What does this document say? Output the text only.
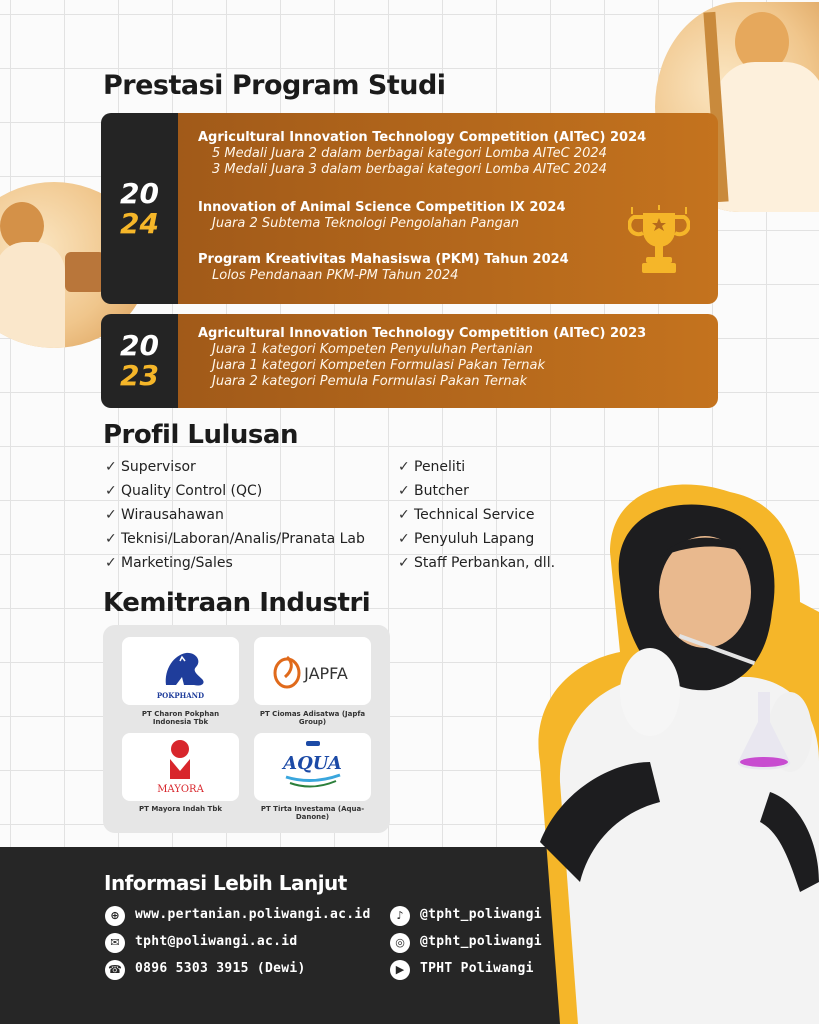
Prestasi Program Studi
20
24
Agricultural Innovation Technology Competition (AITeC) 2024
5 Medali Juara 2 dalam berbagai kategori Lomba AITeC 2024
3 Medali Juara 3 dalam berbagai kategori Lomba AITeC 2024
Innovation of Animal Science Competition IX 2024
Juara 2 Subtema Teknologi Pengolahan Pangan
Program Kreativitas Mahasiswa (PKM) Tahun 2024
Lolos Pendanaan PKM-PM Tahun 2024
20
23
Agricultural Innovation Technology Competition (AITeC) 2023
Juara 1 kategori Kompeten Penyuluhan Pertanian
Juara 1 kategori Kompeten Formulasi Pakan Ternak
Juara 2 kategori Pemula Formulasi Pakan Ternak
Profil Lulusan
✓ Supervisor
✓ Quality Control (QC)
✓ Wirausahawan
✓ Teknisi/Laboran/Analis/Pranata Lab
✓ Marketing/Sales
✓ Peneliti
✓ Butcher
✓ Technical Service
✓ Penyuluh Lapang
✓ Staff Perbankan, dll.
Kemitraan Industri
POKPHAND
PT Charon Pokphan Indonesia Tbk
JAPFA
PT Ciomas Adisatwa (Japfa Group)
MAYORA
PT Mayora Indah Tbk
AQUA
PT Tirta Investama (Aqua-Danone)
Informasi Lebih Lanjut
⊕	www.pertanian.poliwangi.ac.id
✉	tpht@poliwangi.ac.id
☎ 0896 5303 3915 (Dewi)
♪	@tpht_poliwangi
◎	@tpht_poliwangi
▶	TPHT Poliwangi
